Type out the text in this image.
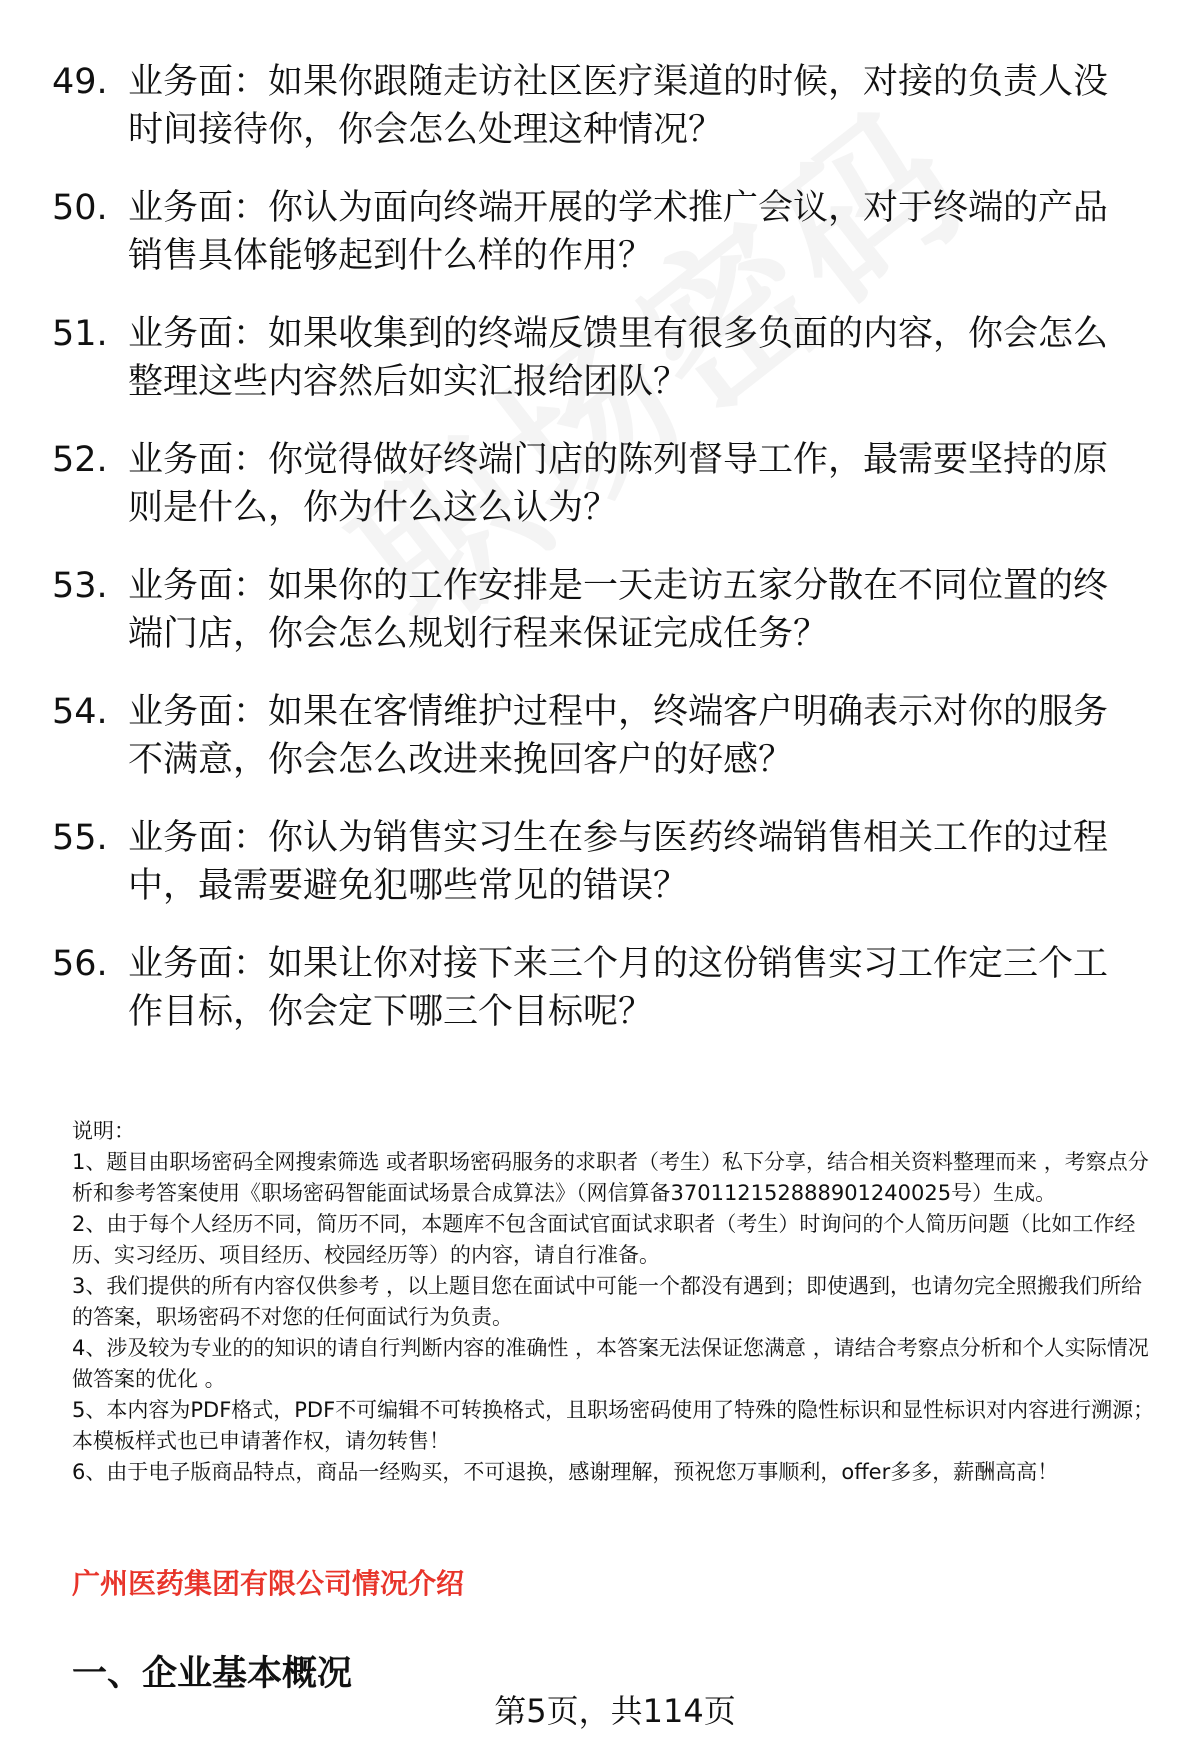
49. 业务面：如果你跟随走访社区医疗渠道的时候，对接的负责人没时间接待你，你会怎么处理这种情况？
50. 业务面：你认为面向终端开展的学术推广会议，对于终端的产品销售具体能够起到什么样的作用？
51. 业务面：如果收集到的终端反馈里有很多负面的内容，你会怎么整理这些内容然后如实汇报给团队？
52. 业务面：你觉得做好终端门店的陈列督导工作，最需要坚持的原则是什么，你为什么这么认为？
53. 业务面：如果你的工作安排是一天走访五家分散在不同位置的终端门店，你会怎么规划行程来保证完成任务？
54. 业务面：如果在客情维护过程中，终端客户明确表示对你的服务不满意，你会怎么改进来挽回客户的好感？
55. 业务面：你认为销售实习生在参与医药终端销售相关工作的过程中，最需要避免犯哪些常见的错误？
56. 业务面：如果让你对接下来三个月的这份销售实习工作定三个工作目标，你会定下哪三个目标呢？

说明：

1、题目由职场密码全网搜索筛选 或者职场密码服务的求职者（考生）私下分享，结合相关资料整理而来 ，考察点分析和参考答案使用《职场密码智能面试场景合成算法》（网信算备370112152888901240025号）生成。

2、由于每个人经历不同，简历不同，本题库不包含面试官面试求职者（考生）时询问的个人简历问题（比如工作经历、实习经历、项目经历、校园经历等）的内容，请自行准备。

3、我们提供的所有内容仅供参考 ，以上题目您在面试中可能一个都没有遇到；即使遇到，也请勿完全照搬我们所给的答案，职场密码不对您的任何面试行为负责。

4、涉及较为专业的的知识的请自行判断内容的准确性 ，本答案无法保证您满意 ，请结合考察点分析和个人实际情况做答案的优化 。

5、本内容为PDF格式，PDF不可编辑不可转换格式，且职场密码使用了特殊的隐性标识和显性标识对内容进行溯源；本模板样式也已申请著作权，请勿转售！

6、由于电子版商品特点，商品一经购买，不可退换，感谢理解，预祝您万事顺利，offer多多，薪酬高高！

广州医药集团有限公司情况介绍
一、企业基本概况
第5页，共114页
